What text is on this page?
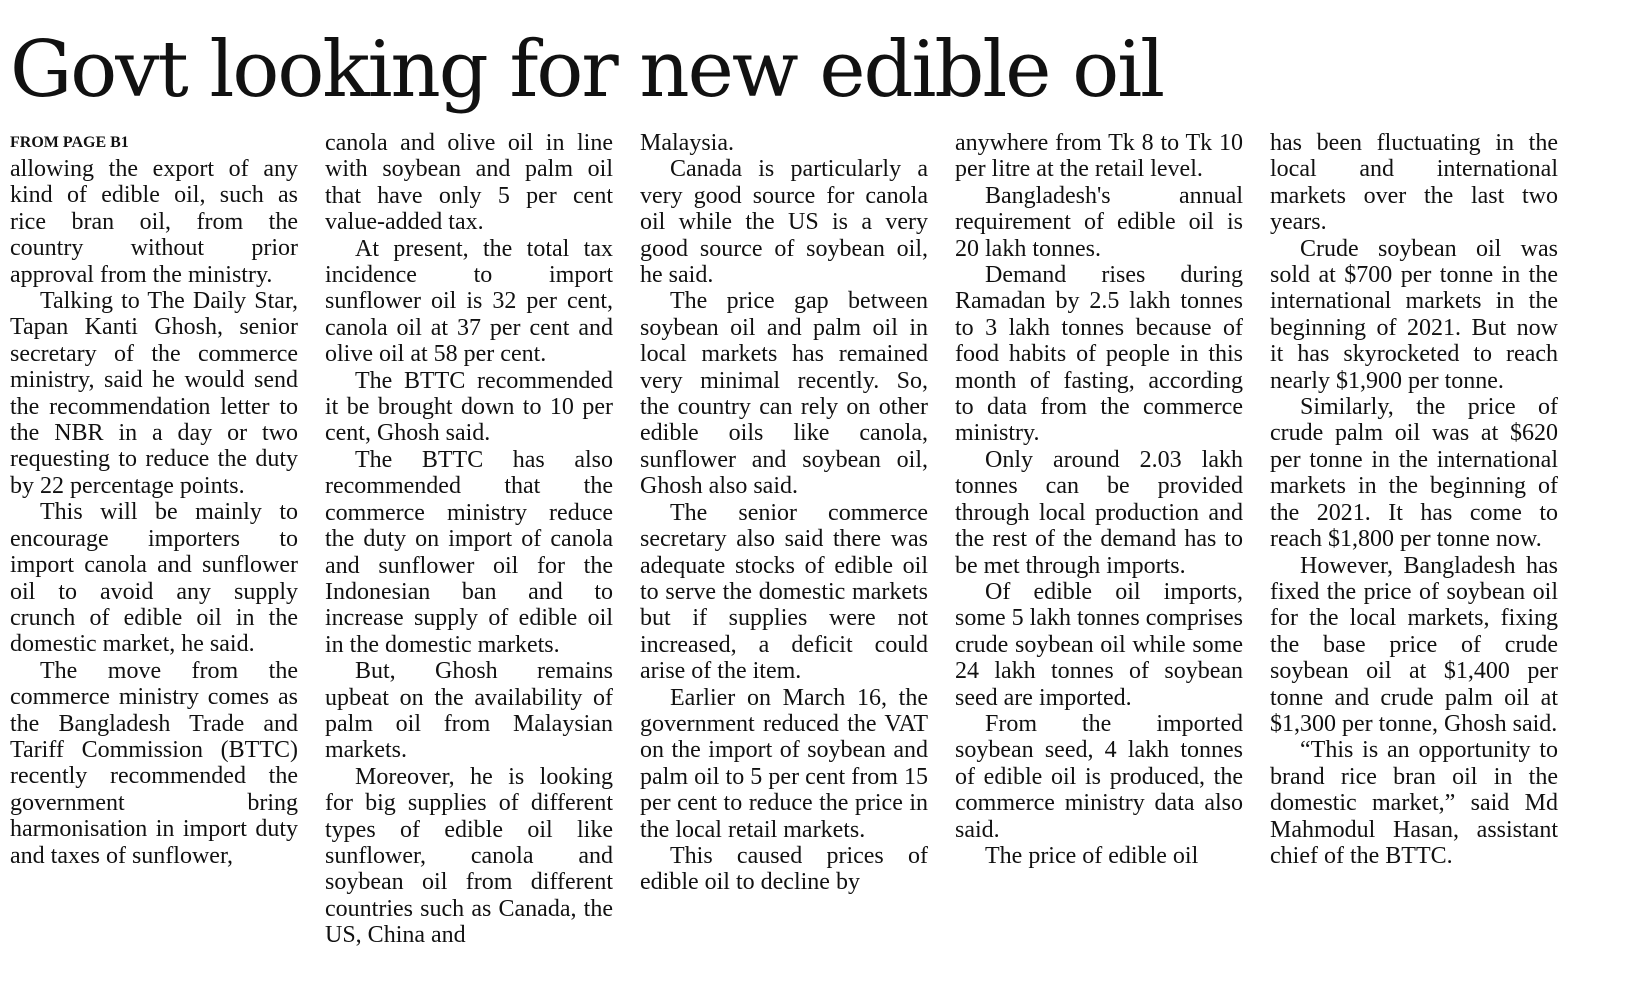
Govt looking for new edible oil
FROM PAGE B1

allowing the export of any kind of edible oil, such as rice bran oil, from the country without prior approval from the ministry.

Talking to The Daily Star, Tapan Kanti Ghosh, senior secretary of the commerce ministry, said he would send the recommendation letter to the NBR in a day or two requesting to reduce the duty by 22 percentage points.

This will be mainly to encourage importers to import canola and sunflower oil to avoid any supply crunch of edible oil in the domestic market, he said.

The move from the commerce ministry comes as the Bangladesh Trade and Tariff Commission (BTTC) recently recommended the government bring harmonisation in import duty and taxes of sunflower,

canola and olive oil in line with soybean and palm oil that have only 5 per cent value-added tax.

At present, the total tax incidence to import sunflower oil is 32 per cent, canola oil at 37 per cent and olive oil at 58 per cent.

The BTTC recommended it be brought down to 10 per cent, Ghosh said.

The BTTC has also recommended that the commerce ministry reduce the duty on import of canola and sunflower oil for the Indonesian ban and to increase supply of edible oil in the domestic markets.

But, Ghosh remains upbeat on the availability of palm oil from Malaysian markets.

Moreover, he is looking for big supplies of different types of edible oil like sunflower, canola and soybean oil from different countries such as Canada, the US, China and

Malaysia.

Canada is particularly a very good source for canola oil while the US is a very good source of soybean oil, he said.

The price gap between soybean oil and palm oil in local markets has remained very minimal recently. So, the country can rely on other edible oils like canola, sunflower and soybean oil, Ghosh also said.

The senior commerce secretary also said there was adequate stocks of edible oil to serve the domestic markets but if supplies were not increased, a deficit could arise of the item.

Earlier on March 16, the government reduced the VAT on the import of soybean and palm oil to 5 per cent from 15 per cent to reduce the price in the local retail markets.

This caused prices of edible oil to decline by

anywhere from Tk 8 to Tk 10 per litre at the retail level.

Bangladesh's annual requirement of edible oil is 20 lakh tonnes.

Demand rises during Ramadan by 2.5 lakh tonnes to 3 lakh tonnes because of food habits of people in this month of fasting, according to data from the commerce ministry.

Only around 2.03 lakh tonnes can be provided through local production and the rest of the demand has to be met through imports.

Of edible oil imports, some 5 lakh tonnes comprises crude soybean oil while some 24 lakh tonnes of soybean seed are imported.

From the imported soybean seed, 4 lakh tonnes of edible oil is produced, the commerce ministry data also said.

The price of edible oil

has been fluctuating in the local and international markets over the last two years.

Crude soybean oil was sold at $700 per tonne in the international markets in the beginning of 2021. But now it has skyrocketed to reach nearly $1,900 per tonne.

Similarly, the price of crude palm oil was at $620 per tonne in the international markets in the beginning of the 2021. It has come to reach $1,800 per tonne now.

However, Bangladesh has fixed the price of soybean oil for the local markets, fixing the base price of crude soybean oil at $1,400 per tonne and crude palm oil at $1,300 per tonne, Ghosh said.

“This is an opportunity to brand rice bran oil in the domestic market,” said Md Mahmodul Hasan, assistant chief of the BTTC.
